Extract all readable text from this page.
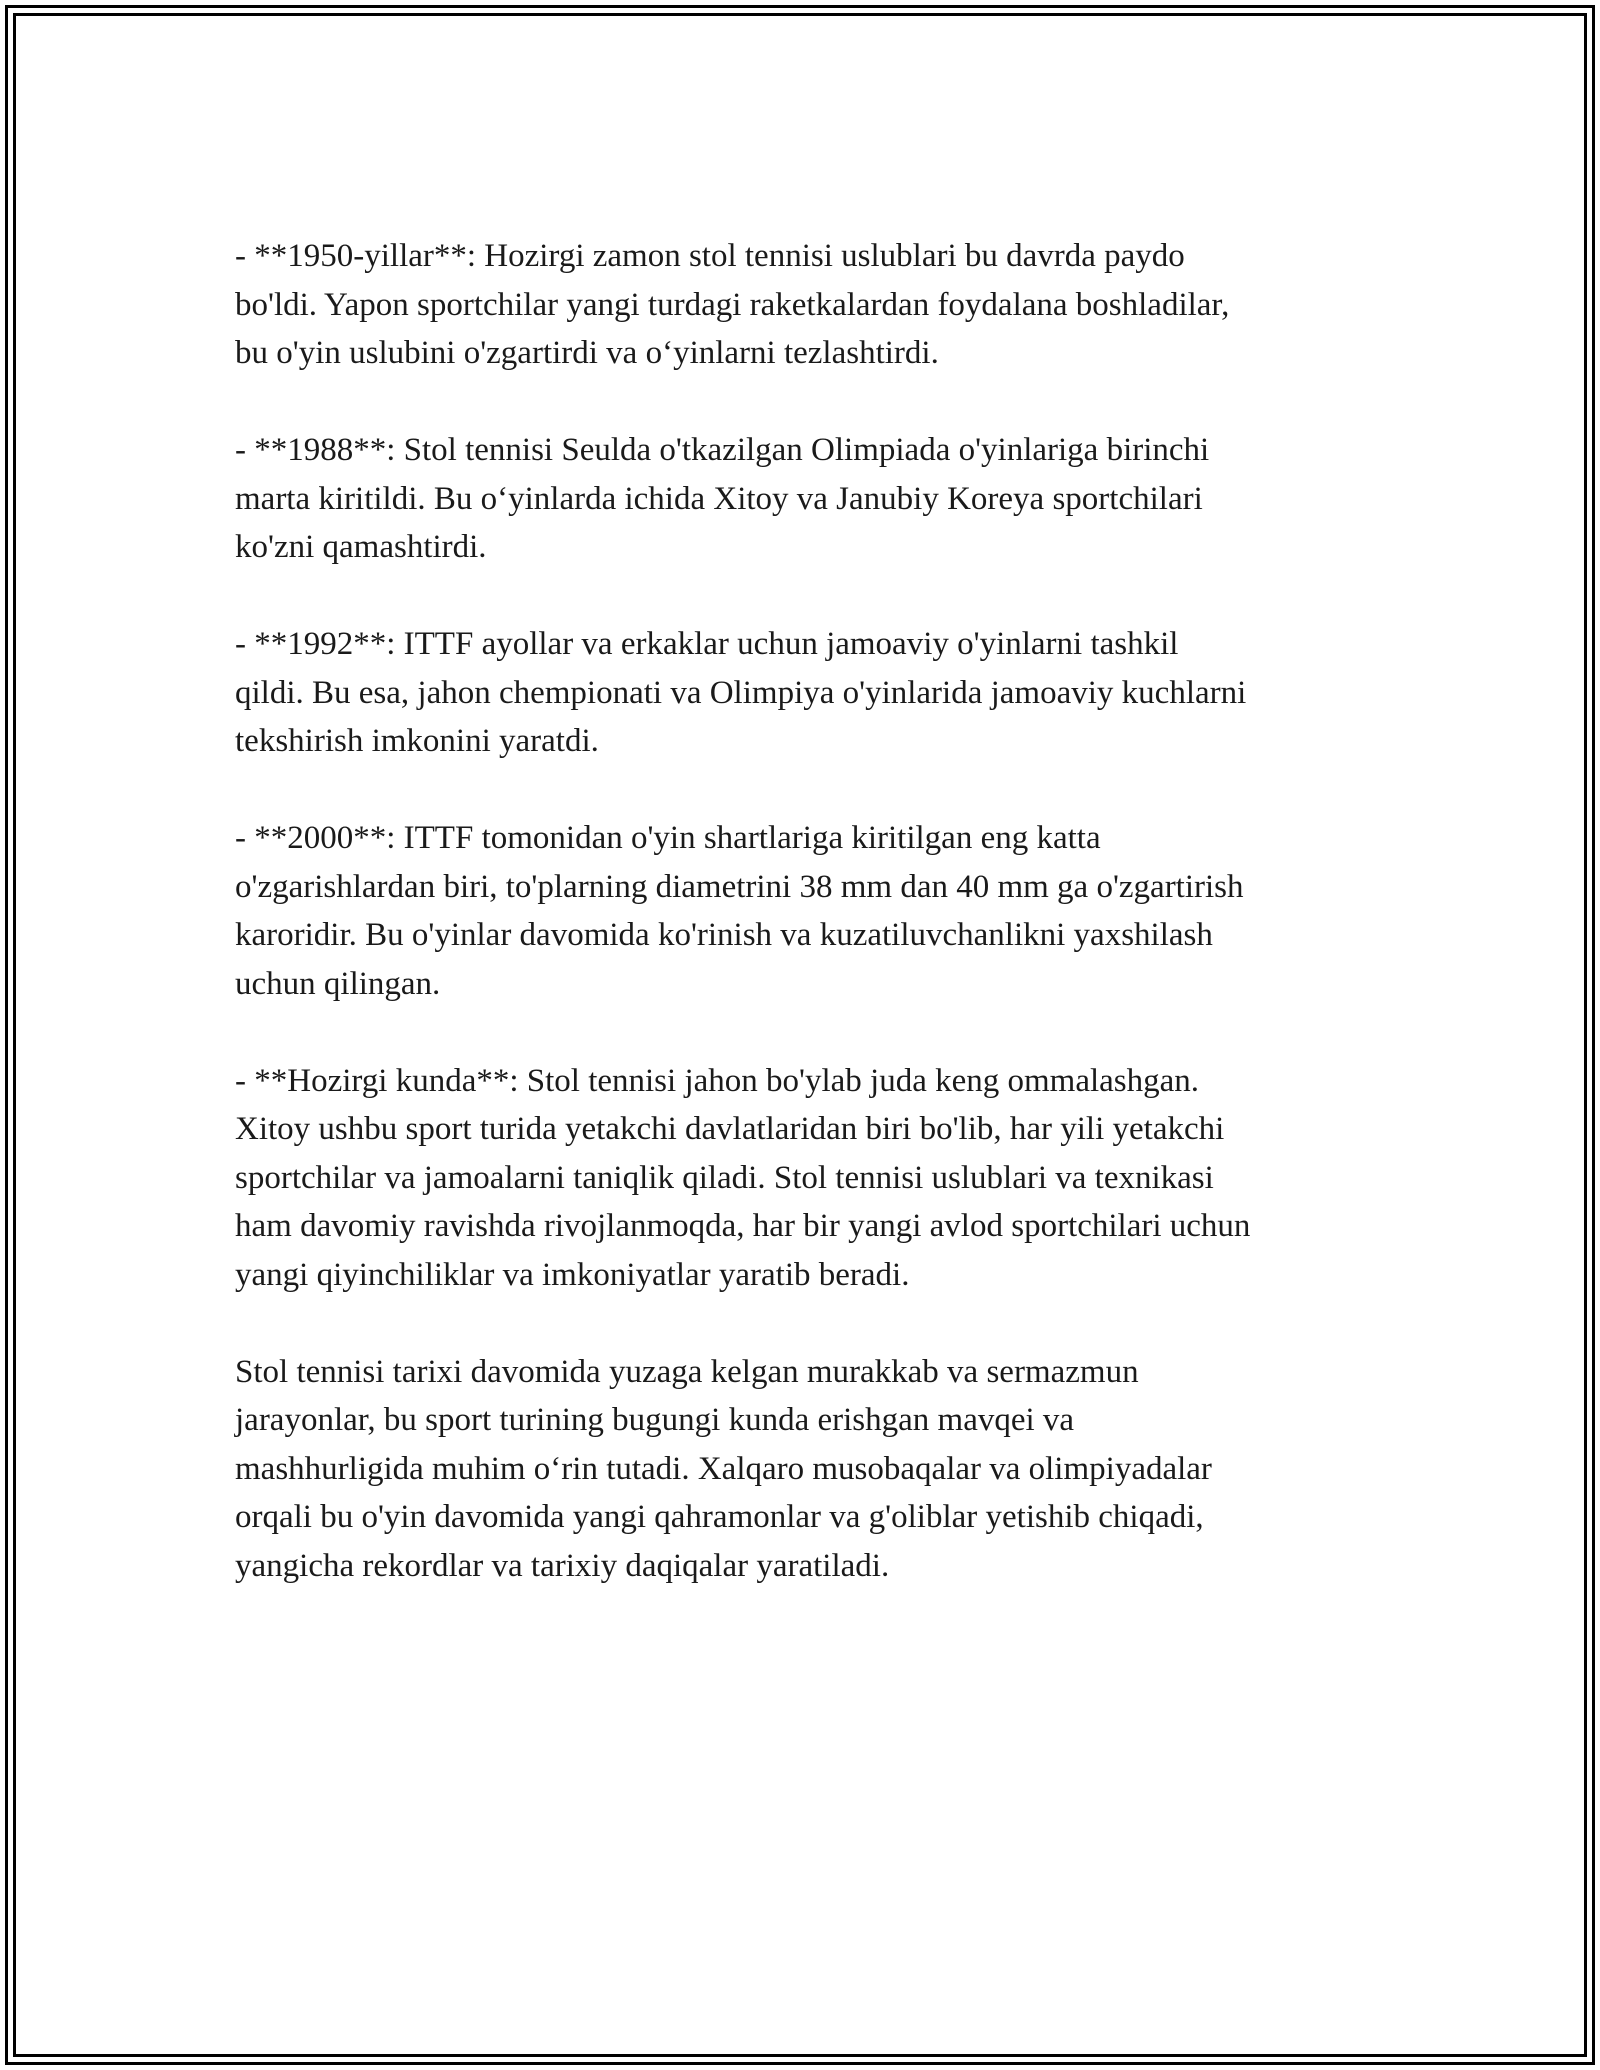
- **1950-yillar**: Hozirgi zamon stol tennisi uslublari bu davrda paydo
bo'ldi. Yapon sportchilar yangi turdagi raketkalardan foydalana boshladilar,
bu o'yin uslubini o'zgartirdi va o‘yinlarni tezlashtirdi.

- **1988**: Stol tennisi Seulda o'tkazilgan Olimpiada o'yinlariga birinchi
marta kiritildi. Bu o‘yinlarda ichida Xitoy va Janubiy Koreya sportchilari
ko'zni qamashtirdi.

- **1992**: ITTF ayollar va erkaklar uchun jamoaviy o'yinlarni tashkil
qildi. Bu esa, jahon chempionati va Olimpiya o'yinlarida jamoaviy kuchlarni
tekshirish imkonini yaratdi.

- **2000**: ITTF tomonidan o'yin shartlariga kiritilgan eng katta
o'zgarishlardan biri, to'plarning diametrini 38 mm dan 40 mm ga o'zgartirish
karoridir. Bu o'yinlar davomida ko'rinish va kuzatiluvchanlikni yaxshilash
uchun qilingan.

- **Hozirgi kunda**: Stol tennisi jahon bo'ylab juda keng ommalashgan.
Xitoy ushbu sport turida yetakchi davlatlaridan biri bo'lib, har yili yetakchi
sportchilar va jamoalarni taniqlik qiladi. Stol tennisi uslublari va texnikasi
ham davomiy ravishda rivojlanmoqda, har bir yangi avlod sportchilari uchun
yangi qiyinchiliklar va imkoniyatlar yaratib beradi.

Stol tennisi tarixi davomida yuzaga kelgan murakkab va sermazmun
jarayonlar, bu sport turining bugungi kunda erishgan mavqei va
mashhurligida muhim o‘rin tutadi. Xalqaro musobaqalar va olimpiyadalar
orqali bu o'yin davomida yangi qahramonlar va g'oliblar yetishib chiqadi,
yangicha rekordlar va tarixiy daqiqalar yaratiladi.
